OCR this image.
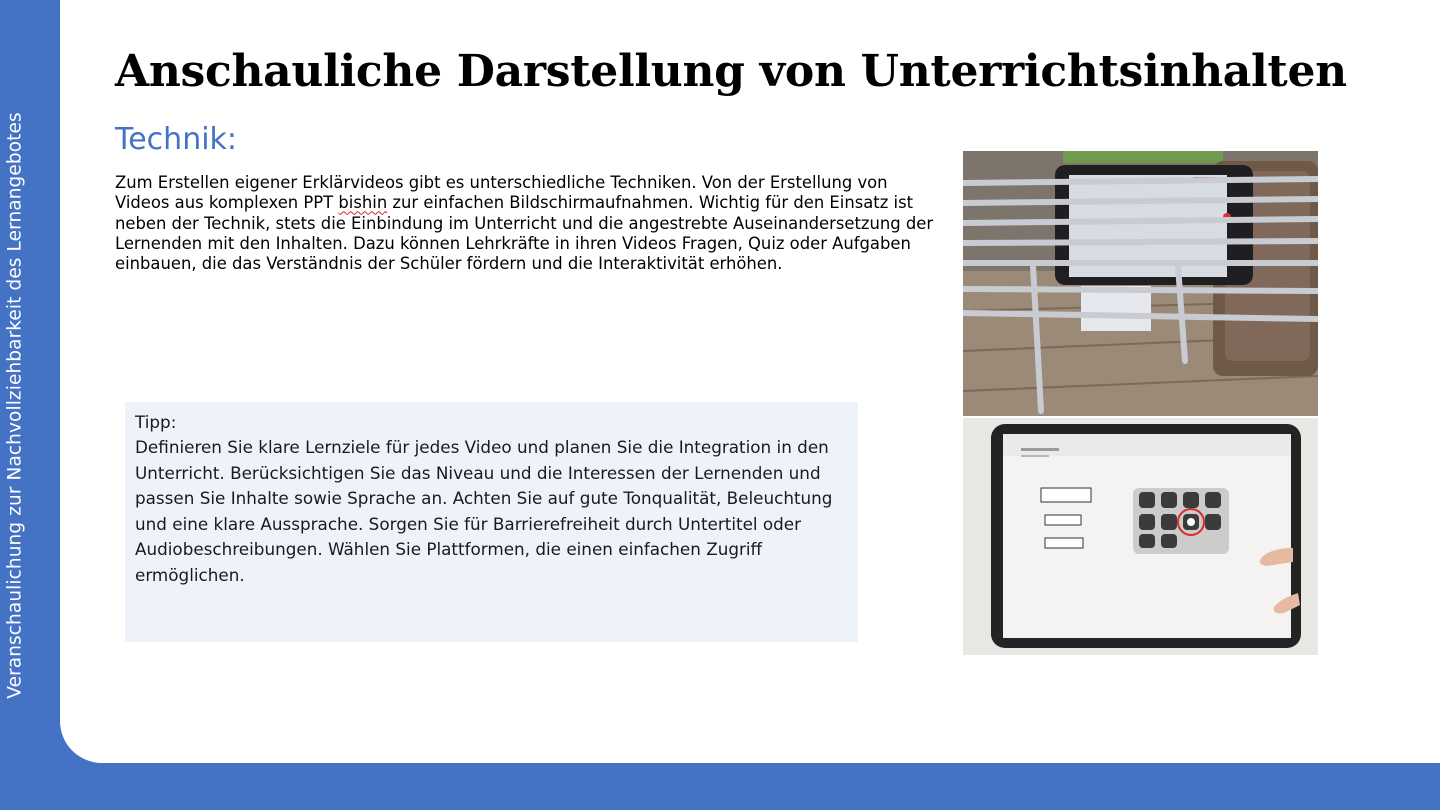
Veranschaulichung zur Nachvollziehbarkeit des Lernangebotes
Anschauliche Darstellung von Unterrichtsinhalten
Technik:
Zum Erstellen eigener Erklärvideos gibt es unterschiedliche Techniken. Von der Erstellung von Videos aus komplexen PPT bishin zur einfachen Bildschirmaufnahmen. Wichtig für den Einsatz ist neben der Technik, stets die Einbindung im Unterricht und die angestrebte Auseinandersetzung der Lernenden mit den Inhalten. Dazu können Lehrkräfte in ihren Videos Fragen, Quiz oder Aufgaben einbauen, die das Verständnis der Schüler fördern und die Interaktivität erhöhen.
Tipp:
Definieren Sie klare Lernziele für jedes Video und planen Sie die Integration in den Unterricht. Berücksichtigen Sie das Niveau und die Interessen der Lernenden und passen Sie Inhalte sowie Sprache an. Achten Sie auf gute Tonqualität, Beleuchtung und eine klare Aussprache. Sorgen Sie für Barrierefreiheit durch Untertitel oder Audiobeschreibungen. Wählen Sie Plattformen, die einen einfachen Zugriff ermöglichen.
